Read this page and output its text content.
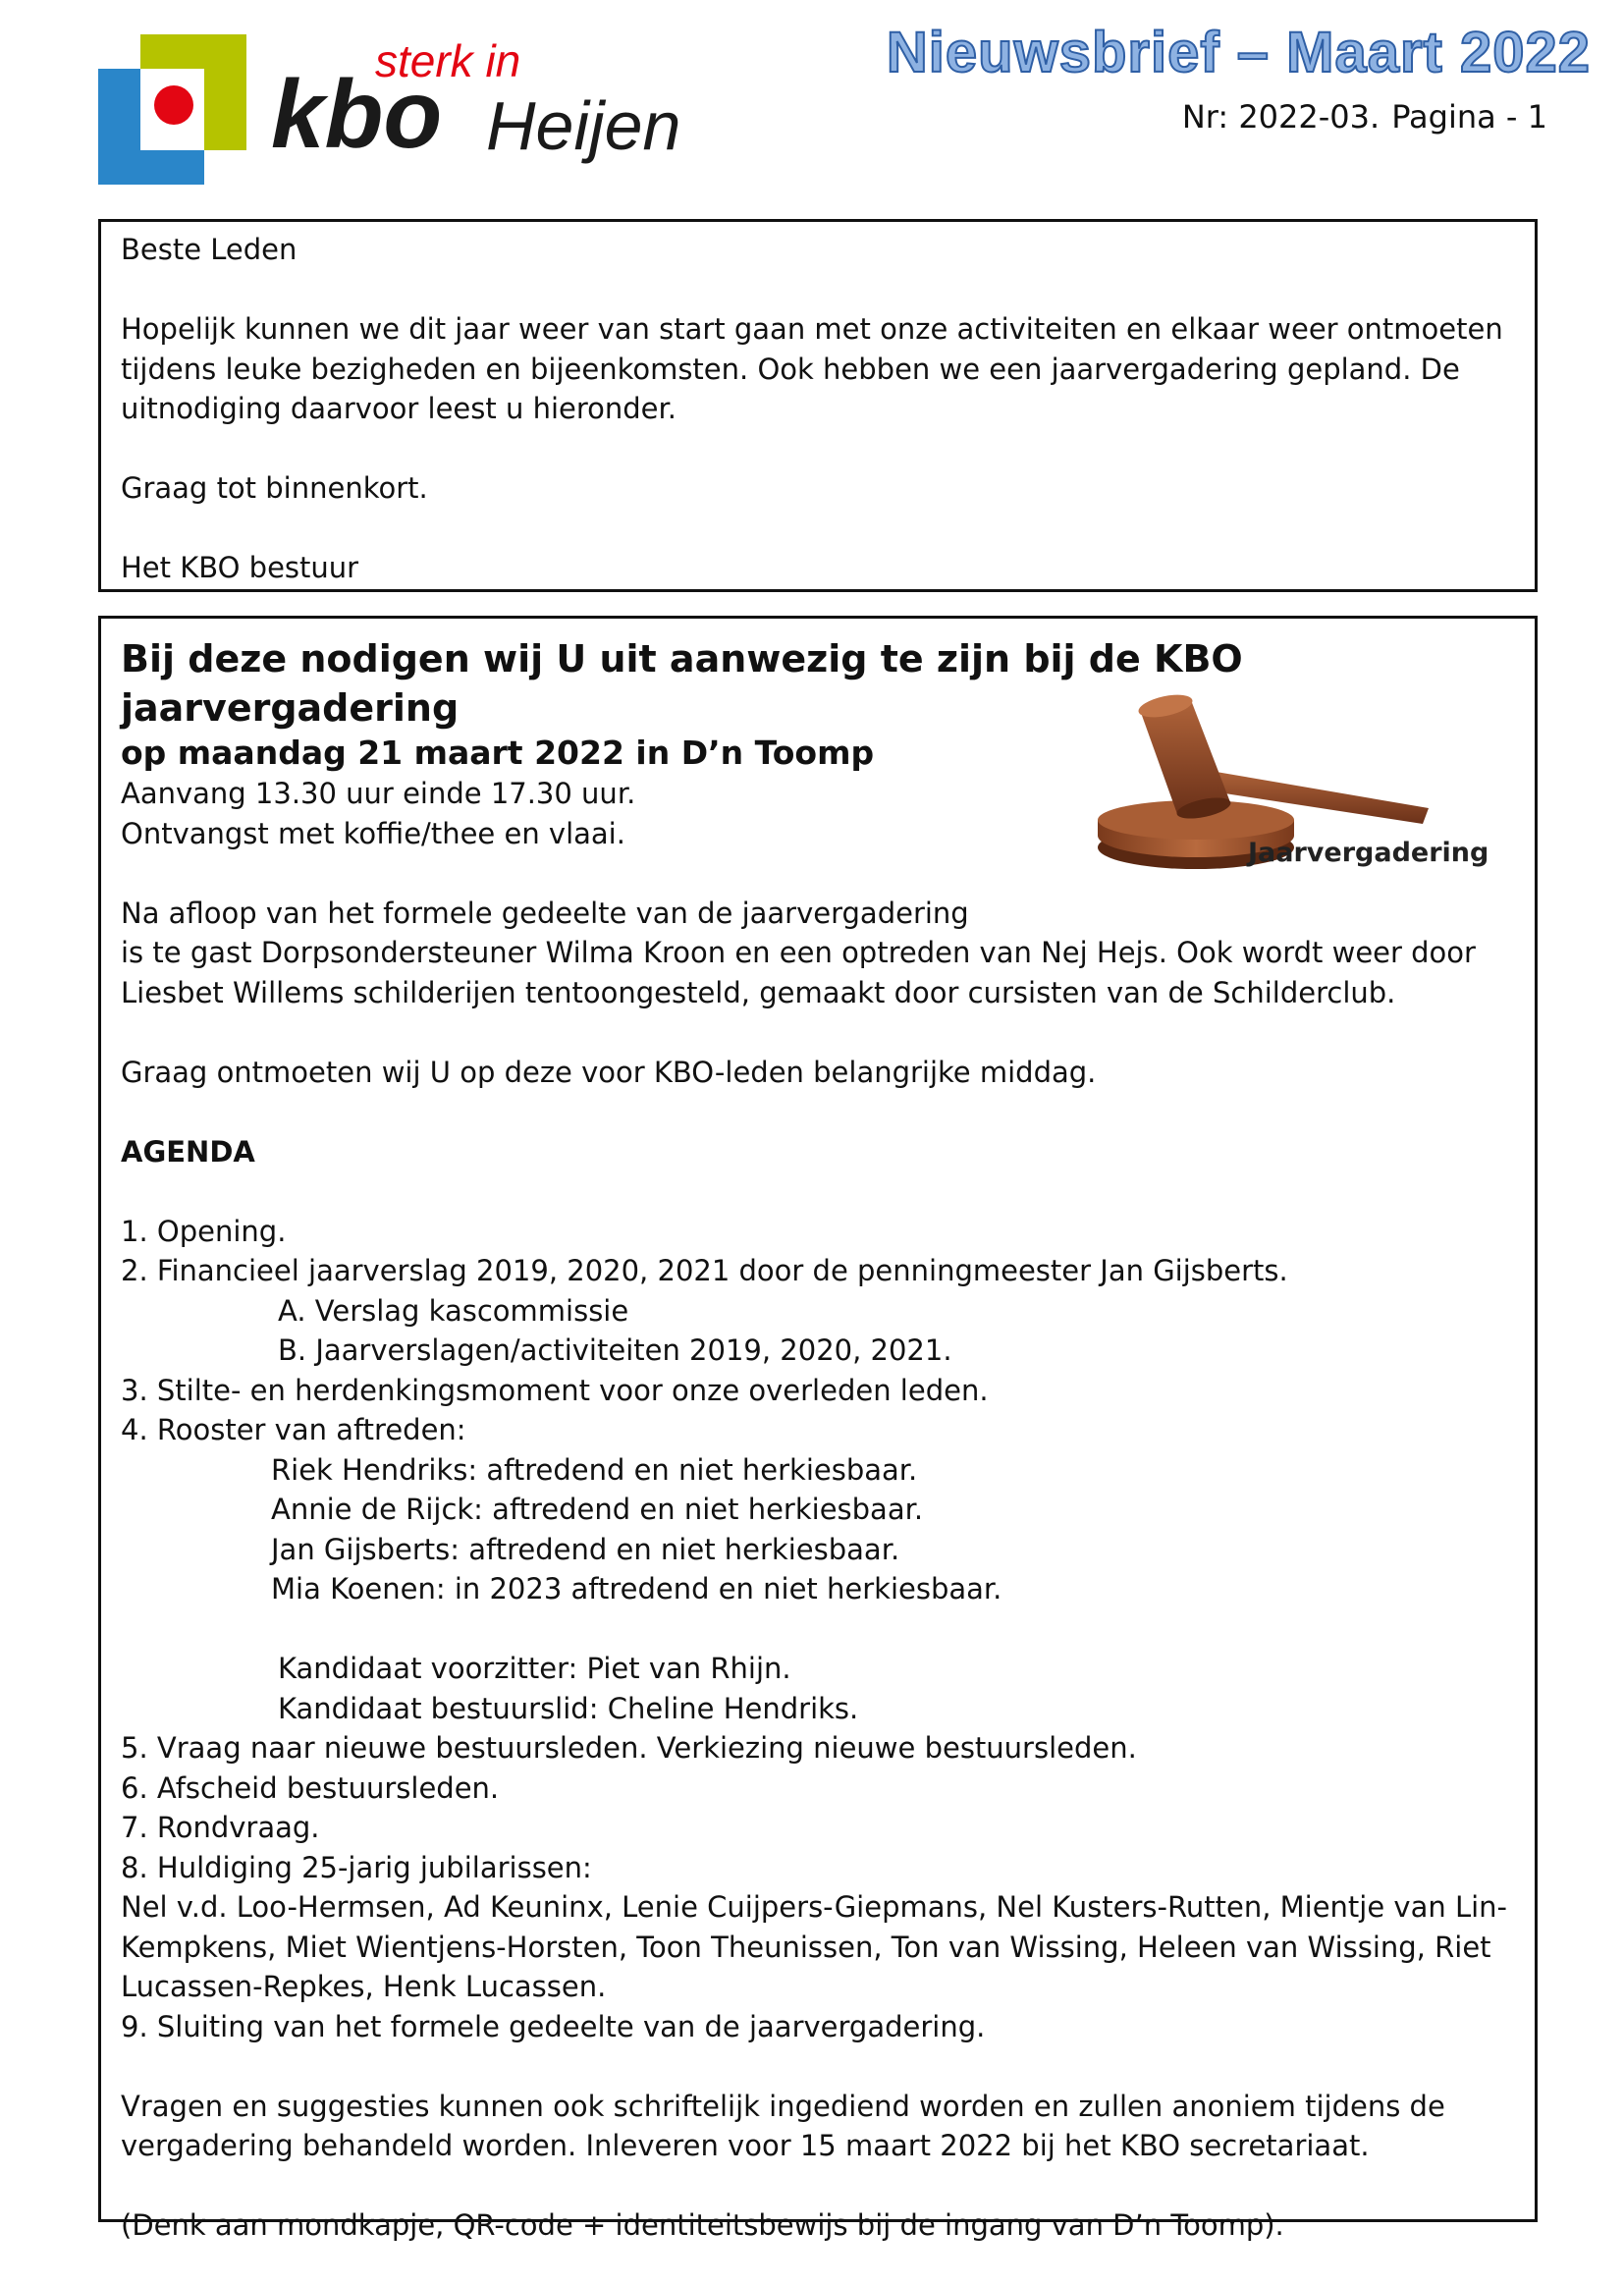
sterk in
kbo Heijen
Nieuwsbrief – Maart 2022
Nr: 2022-03. Pagina - 1

Beste Leden

Hopelijk kunnen we dit jaar weer van start gaan met onze activiteiten en elkaar weer ontmoeten tijdens leuke bezigheden en bijeenkomsten. Ook hebben we een jaarvergadering gepland. De uitnodiging daarvoor leest u hieronder.

Graag tot binnenkort.

Het KBO bestuur

Jaarvergadering

Bij deze nodigen wij U uit aanwezig te zijn bij de KBO jaarvergadering

op maandag 21 maart 2022 in D’n Toomp

Aanvang 13.30 uur einde 17.30 uur.

Ontvangst met koffie/thee en vlaai.

Na afloop van het formele gedeelte van de jaarvergadering

is te gast Dorpsondersteuner Wilma Kroon en een optreden van Nej Hejs. Ook wordt weer door Liesbet Willems schilderijen tentoongesteld, gemaakt door cursisten van de Schilderclub.

Graag ontmoeten wij U op deze voor KBO-leden belangrijke middag.

AGENDA

1. Opening.

2. Financieel jaarverslag 2019, 2020, 2021 door de penningmeester Jan Gijsberts.

A. Verslag kascommissie

B. Jaarverslagen/activiteiten 2019, 2020, 2021.

3. Stilte- en herdenkingsmoment voor onze overleden leden.

4. Rooster van aftreden:

Riek Hendriks: aftredend en niet herkiesbaar.

Annie de Rijck: aftredend en niet herkiesbaar.

Jan Gijsberts: aftredend en niet herkiesbaar.

Mia Koenen: in 2023 aftredend en niet herkiesbaar.

Kandidaat voorzitter: Piet van Rhijn.

Kandidaat bestuurslid: Cheline Hendriks.

5. Vraag naar nieuwe bestuursleden. Verkiezing nieuwe bestuursleden.

6. Afscheid bestuursleden.

7. Rondvraag.

8. Huldiging 25-jarig jubilarissen:

Nel v.d. Loo-Hermsen, Ad Keuninx, Lenie Cuijpers-Giepmans, Nel Kusters-Rutten, Mientje van Lin-Kempkens, Miet Wientjens-Horsten, Toon Theunissen, Ton van Wissing, Heleen van Wissing, Riet Lucassen-Repkes, Henk Lucassen.

9. Sluiting van het formele gedeelte van de jaarvergadering.

Vragen en suggesties kunnen ook schriftelijk ingediend worden en zullen anoniem tijdens de vergadering behandeld worden. Inleveren voor 15 maart 2022 bij het KBO secretariaat.

(Denk aan mondkapje, QR-code + identiteitsbewijs bij de ingang van D’n Toomp).
